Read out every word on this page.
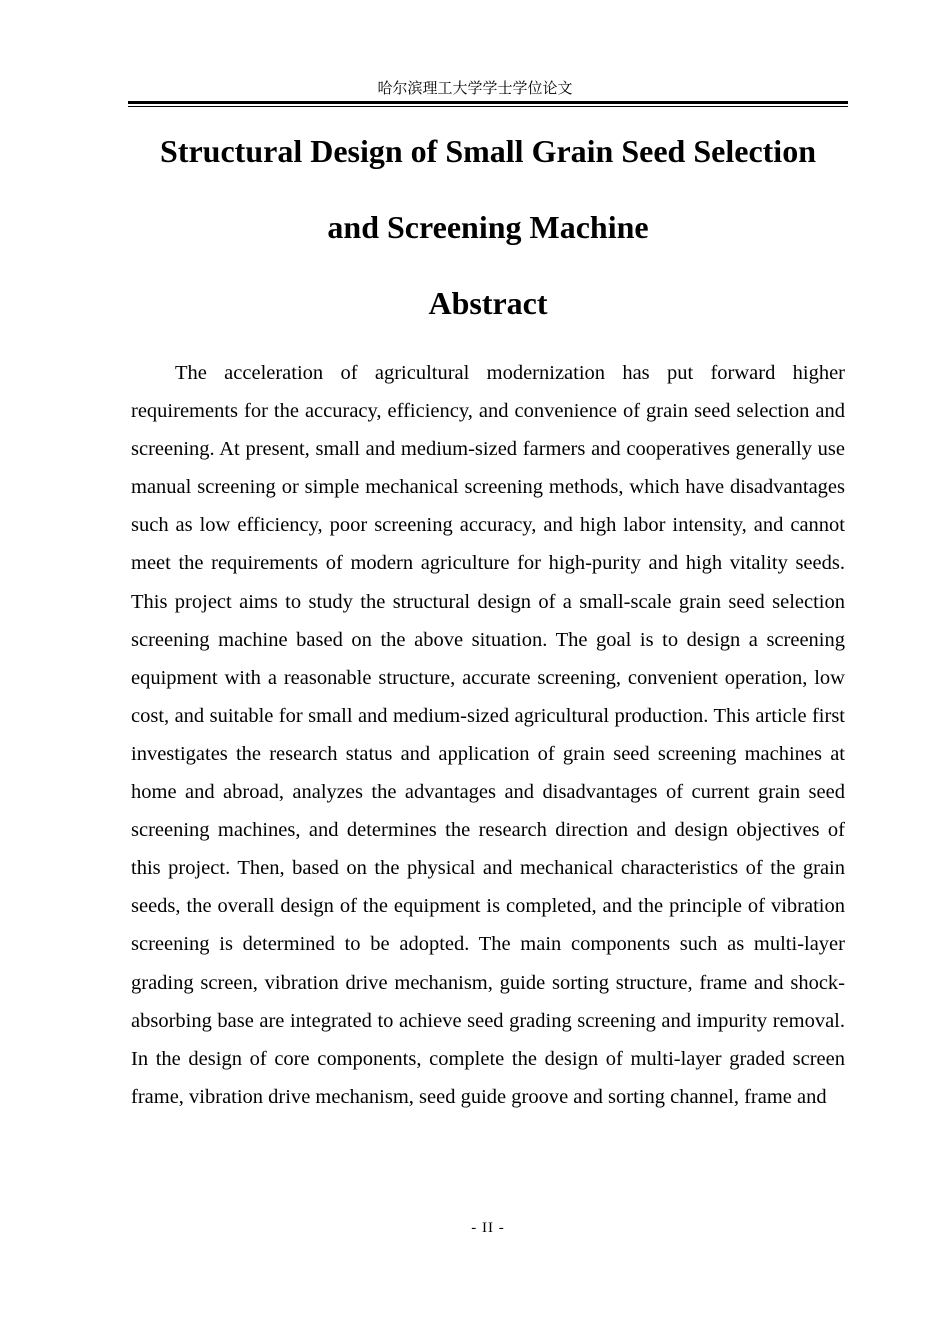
哈尔滨理工大学学士学位论文
Structural Design of Small Grain Seed Selection
and Screening Machine
Abstract

The acceleration of agricultural modernization has put forward higher requirements for the accuracy, efficiency, and convenience of grain seed selection and screening. At present, small and medium-sized farmers and cooperatives generally use manual screening or simple mechanical screening methods, which have disadvantages such as low efficiency, poor screening accuracy, and high labor intensity, and cannot meet the requirements of modern agriculture for high-purity and high vitality seeds. This project aims to study the structural design of a small-scale grain seed selection screening machine based on the above situation. The goal is to design a screening equipment with a reasonable structure, accurate screening, convenient operation, low cost, and suitable for small and medium-sized agricultural production. This article first investigates the research status and application of grain seed screening machines at home and abroad, analyzes the advantages and disadvantages of current grain seed screening machines, and determines the research direction and design objectives of this project. Then, based on the physical and mechanical characteristics of the grain seeds, the overall design of the equipment is completed, and the principle of vibration screening is determined to be adopted. The main components such as multi-layer grading screen, vibration drive mechanism, guide sorting structure, frame and shock-absorbing base are integrated to achieve seed grading screening and impurity removal. In the design of core components, complete the design of multi-layer graded screen frame, vibration drive mechanism, seed guide groove and sorting channel, frame and

- II -
